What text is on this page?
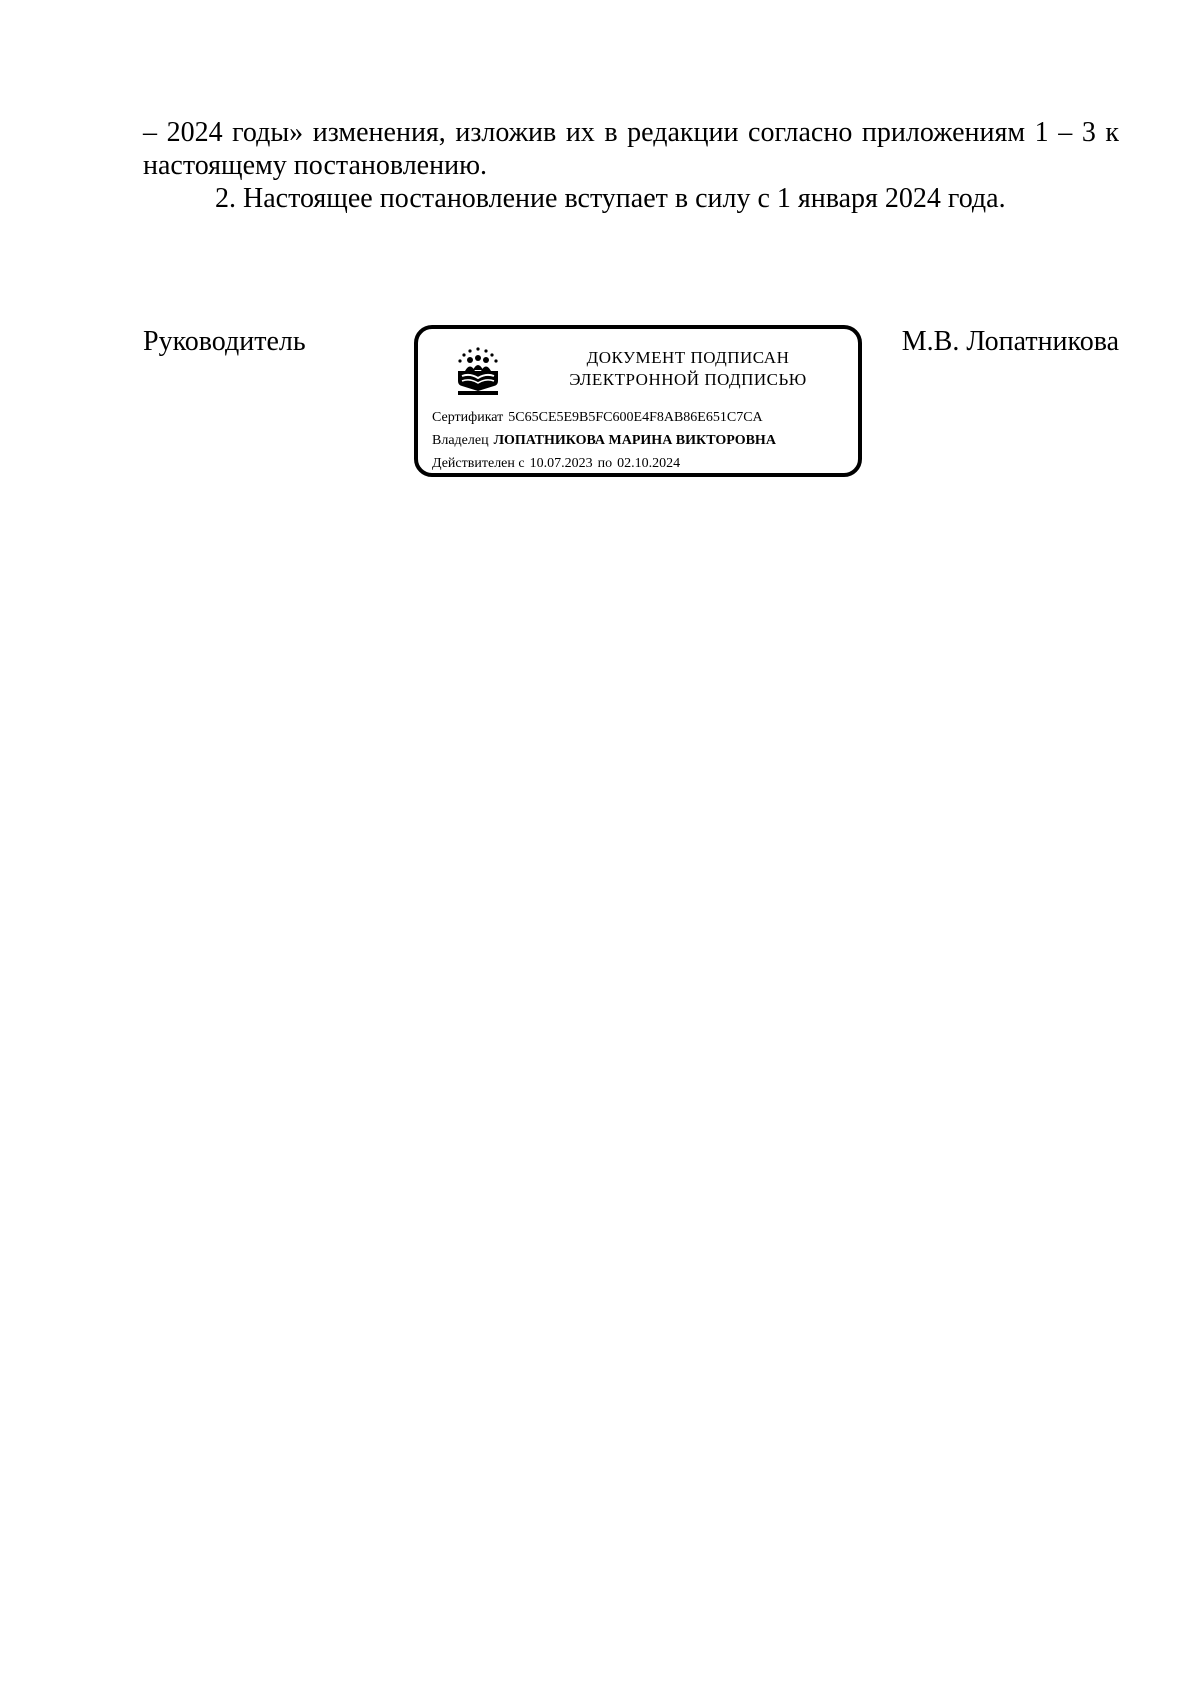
– 2024 годы» изменения, изложив их в редакции согласно приложениям 1 – 3 к настоящему постановлению.

2. Настоящее постановление вступает в силу с 1 января 2024 года.

Руководитель
ДОКУМЕНТ ПОДПИСАН
ЭЛЕКТРОННОЙ ПОДПИСЬЮ
Сертификат 5C65CE5E9B5FC600E4F8AB86E651C7CA
Владелец ЛОПАТНИКОВА МАРИНА ВИКТОРОВНА
Действителен с 10.07.2023 по 02.10.2024
М.В. Лопатникова
